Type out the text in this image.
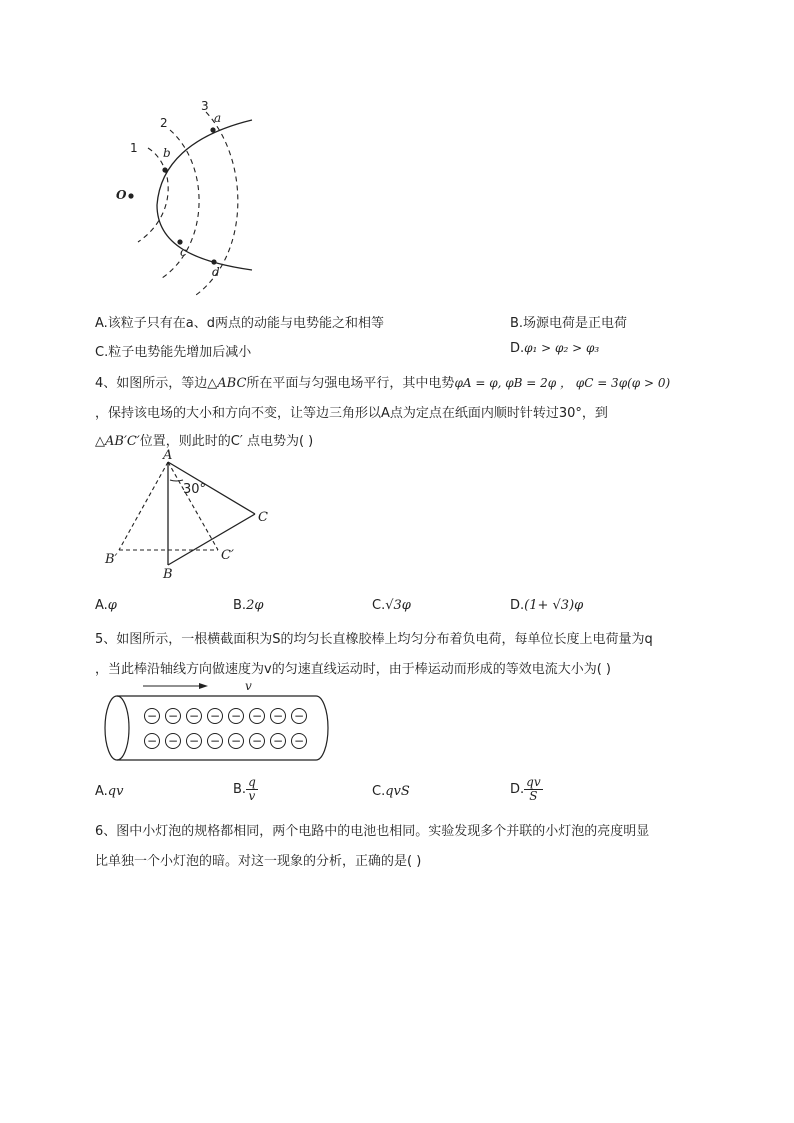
1
2
3
a
b
c
d
O
A.该粒子只有在a、d两点的动能与电势能之和相等	B.场源电荷是正电荷
C.粒子电势能先增加后减小	D.φ₁ > φ₂ > φ₃
4、如图所示，等边△ABC所在平面与匀强电场平行，其中电势φA = φ, φB = 2φ ， φC = 3φ(φ > 0)
，保持该电场的大小和方向不变，让等边三角形以A点为定点在纸面内顺时针转过30°，到
△AB′C′位置，则此时的C′ 点电势为( )
A
30°
C
B′	C′
B
A.φ	B.2φ	C.√3φ	D.(1+ √3)φ
5、如图所示，一根横截面积为S的均匀长直橡胶棒上均匀分布着负电荷，每单位长度上电荷量为q
，当此棒沿轴线方向做速度为v的匀速直线运动时，由于棒运动而形成的等效电流大小为( )
v
− − − − − − − −
− − − − − − − −
A.qv	B. $\frac{q}{v}$	C.qvS	D. $\frac{qv}{S}$
6、图中小灯泡的规格都相同，两个电路中的电池也相同。实验发现多个并联的小灯泡的亮度明显
比单独一个小灯泡的暗。对这一现象的分析，正确的是( )
